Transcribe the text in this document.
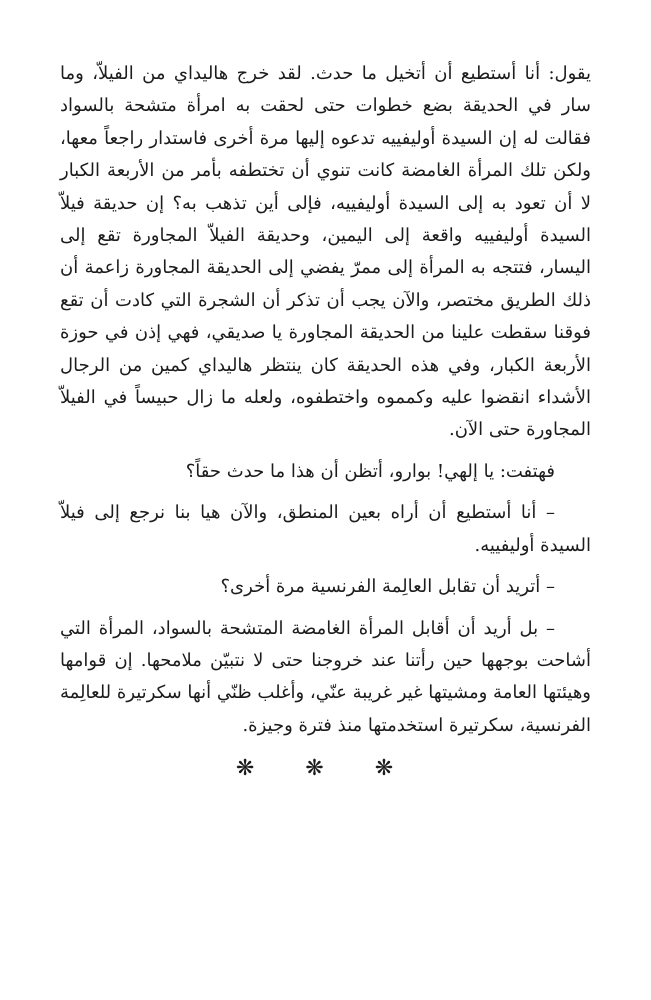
يقول: أنا أستطيع أن أتخيل ما حدث. لقد خرج هاليداي من الفيلاّ، وما سار في الحديقة بضع خطوات حتى لحقت به امرأة متشحة بالسواد فقالت له إن السيدة أوليفييه تدعوه إليها مرة أخرى فاستدار راجعاً معها، ولكن تلك المرأة الغامضة كانت تنوي أن تختطفه بأمر من الأربعة الكبار لا أن تعود به إلى السيدة أوليفييه، فإلى أين تذهب به؟ إن حديقة فيلاّ السيدة أوليفييه واقعة إلى اليمين، وحديقة الفيلاّ المجاورة تقع إلى اليسار، فتتجه به المرأة إلى ممرّ يفضي إلى الحديقة المجاورة زاعمة أن ذلك الطريق مختصر، والآن يجب أن تذكر أن الشجرة التي كادت أن تقع فوقنا سقطت علينا من الحديقة المجاورة يا صديقي، فهي إذن في حوزة الأربعة الكبار، وفي هذه الحديقة كان ينتظر هاليداي كمين من الرجال الأشداء انقضوا عليه وكمموه واختطفوه، ولعله ما زال حبيساً في الفيلاّ المجاورة حتى الآن.

فهتفت: يا إلهي! بوارو، أتظن أن هذا ما حدث حقاً؟

– أنا أستطيع أن أراه بعين المنطق، والآن هيا بنا نرجع إلى فيلاّ السيدة أوليفييه.

– أتريد أن تقابل العالِمة الفرنسية مرة أخرى؟

– بل أريد أن أقابل المرأة الغامضة المتشحة بالسواد، المرأة التي أشاحت بوجهها حين رأتنا عند خروجنا حتى لا نتبيّن ملامحها. إن قوامها وهيئتها العامة ومشيتها غير غريبة عنّي، وأغلب ظنّي أنها سكرتيرة للعالِمة الفرنسية، سكرتيرة استخدمتها منذ فترة وجيزة.

❋ ❋ ❋
